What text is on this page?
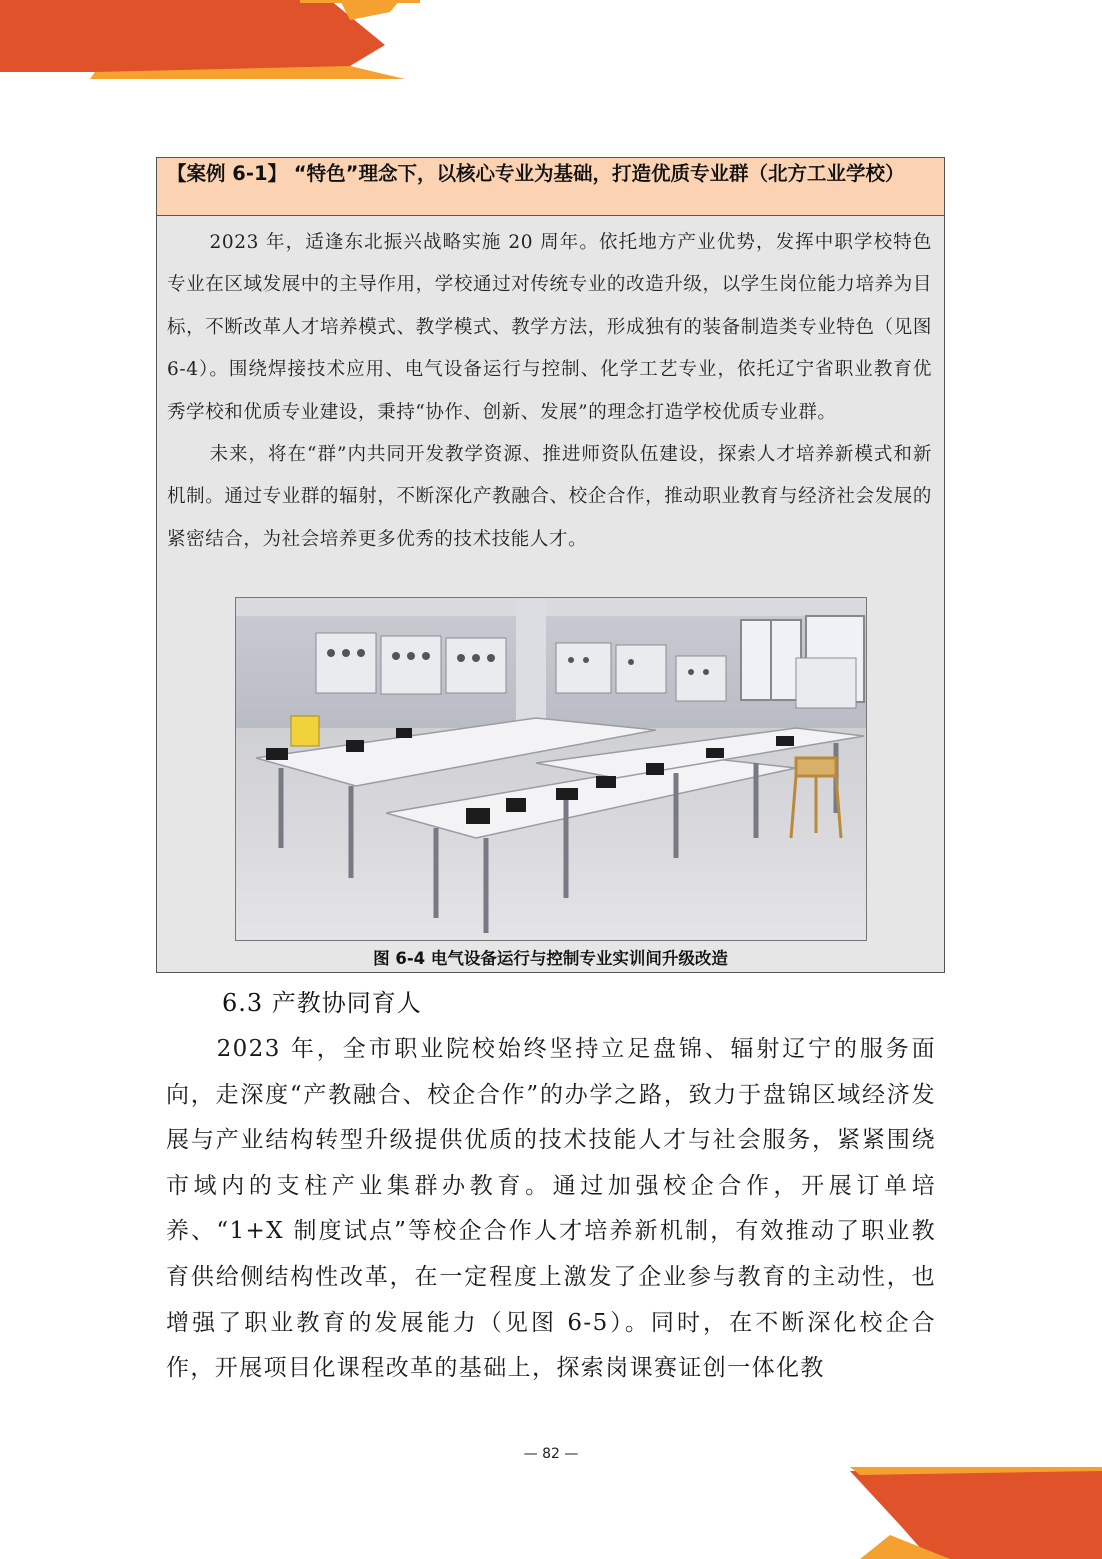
【案例 6-1】 “特色”理念下，以核心专业为基础，打造优质专业群（北方工业学校）

2023 年，适逢东北振兴战略实施 20 周年。依托地方产业优势，发挥中职学校特色专业在区域发展中的主导作用，学校通过对传统专业的改造升级，以学生岗位能力培养为目标，不断改革人才培养模式、教学模式、教学方法，形成独有的装备制造类专业特色（见图 6-4）。围绕焊接技术应用、电气设备运行与控制、化学工艺专业，依托辽宁省职业教育优秀学校和优质专业建设，秉持“协作、创新、发展”的理念打造学校优质专业群。

未来，将在“群”内共同开发教学资源、推进师资队伍建设，探索人才培养新模式和新机制。通过专业群的辐射，不断深化产教融合、校企合作，推动职业教育与经济社会发展的紧密结合，为社会培养更多优秀的技术技能人才。

图 6-4 电气设备运行与控制专业实训间升级改造
6.3 产教协同育人

2023 年，全市职业院校始终坚持立足盘锦、辐射辽宁的服务面向，走深度“产教融合、校企合作”的办学之路，致力于盘锦区域经济发展与产业结构转型升级提供优质的技术技能人才与社会服务，紧紧围绕市域内的支柱产业集群办教育。通过加强校企合作，开展订单培养、“1+X 制度试点”等校企合作人才培养新机制，有效推动了职业教育供给侧结构性改革，在一定程度上激发了企业参与教育的主动性，也增强了职业教育的发展能力（见图 6-5）。同时，在不断深化校企合作，开展项目化课程改革的基础上，探索岗课赛证创一体化教

— 82 —
